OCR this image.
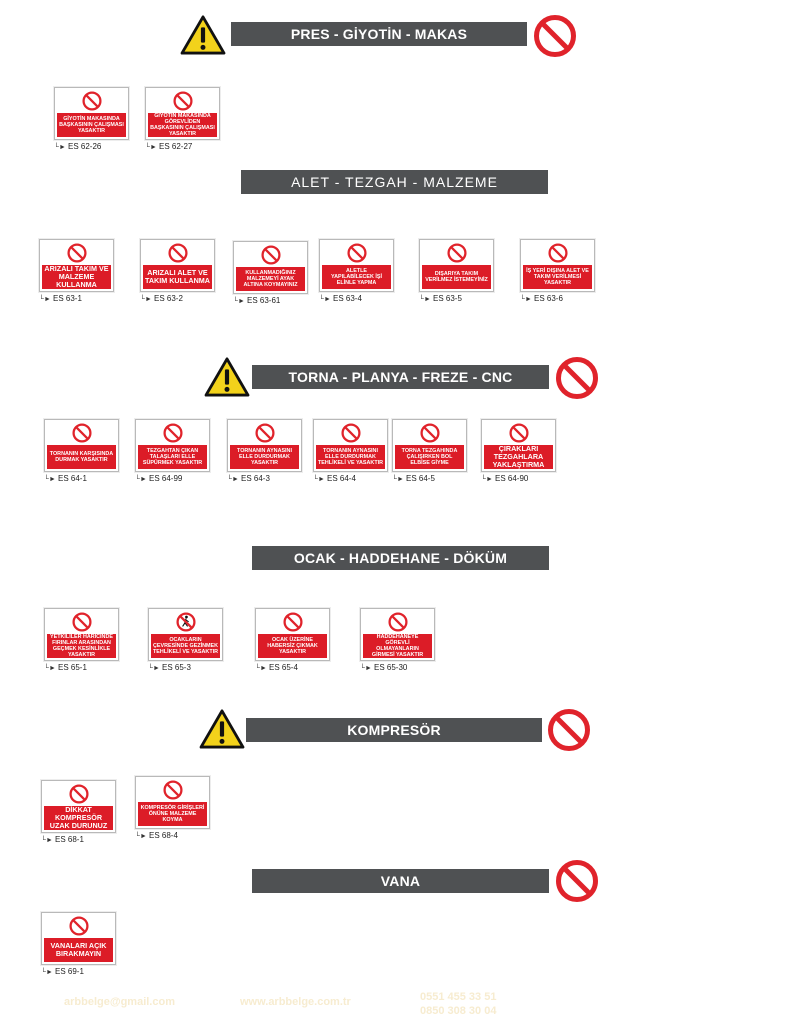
PRES - GİYOTİN - MAKAS
GİYOTİN MAKASINDA BAŞKASININ ÇALIŞMASI YASAKTIR
└► ES 62-26
GİYOTİN MAKASINDA GÖREVLİDEN BAŞKASININ ÇALIŞMASI YASAKTIR
└► ES 62-27
ALET - TEZGAH - MALZEME
ARIZALI TAKIM VE MALZEME KULLANMA
└► ES 63-1
ARIZALI ALET VE TAKIM KULLANMA
└► ES 63-2
KULLANMADIĞINIZ MALZEMEYİ AYAK ALTINA KOYMAYINIZ
└► ES 63-61
ALETLE YAPILABİLECEK İŞİ ELİNLE YAPMA
└► ES 63-4
DIŞARIYA TAKIM VERİLMEZ İSTEMEYİNİZ
└► ES 63-5
İŞ YERİ DIŞINA ALET VE TAKIM VERİLMESİ YASAKTIR
└► ES 63-6
TORNA - PLANYA - FREZE - CNC
TORNANIN KARŞISINDA DURMAK YASAKTIR
└► ES 64-1
TEZGAHTAN ÇIKAN TALAŞLARI ELLE SÜPÜRMEK YASAKTIR
└► ES 64-99
TORNANIN AYNASINI ELLE DURDURMAK YASAKTIR
└► ES 64-3
TORNANIN AYNASINI ELLE DURDURMAK TEHLİKELİ VE YASAKTIR
└► ES 64-4
TORNA TEZGAHINDA ÇALIŞIRKEN BOL ELBİSE GİYME
└► ES 64-5
ÇIRAKLARI TEZGAHLARA YAKLAŞTIRMA
└► ES 64-90
OCAK - HADDEHANE - DÖKÜM
YETKİLİLER HARİCİNDE FIRINLAR ARASINDAN GEÇMEK KESİNLİKLE YASAKTIR
└► ES 65-1
OCAKLARIN ÇEVRESİNDE GEZİNMEK TEHLİKELİ VE YASAKTIR
└► ES 65-3
OCAK ÜZERİNE HABERSİZ ÇIKMAK YASAKTIR
└► ES 65-4
HADDEHANEYE GÖREVLİ OLMAYANLARIN GİRMESİ YASAKTIR
└► ES 65-30
KOMPRESÖR
DİKKAT KOMPRESÖR UZAK DURUNUZ
└► ES 68-1
KOMPRESÖR GİRİŞLERİ ÖNÜNE MALZEME KOYMA
└► ES 68-4
VANA
VANALARI AÇIK BIRAKMAYIN
└► ES 69-1
arbbelge@gmail.com	www.arbbelge.com.tr	0551 455 33 51
0850 308 30 04
